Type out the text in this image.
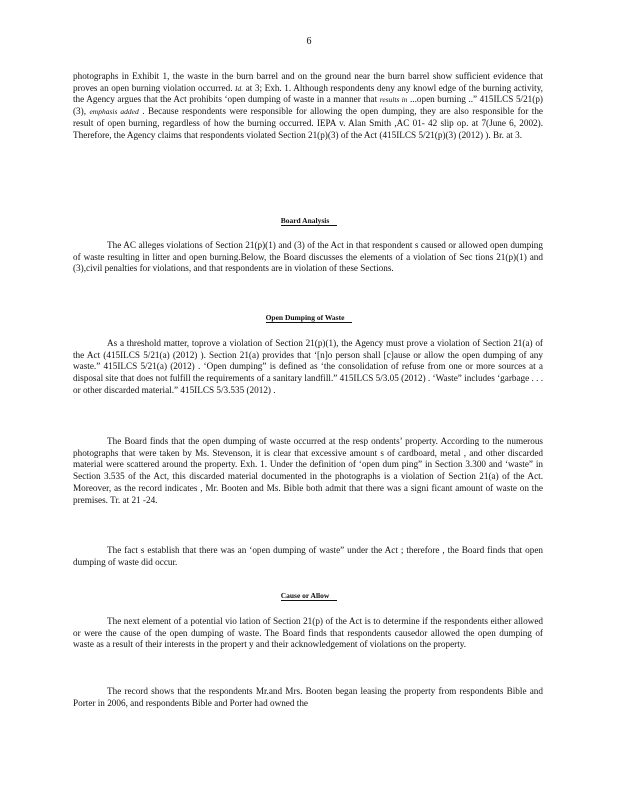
6

photographs in Exhibit 1, the waste in the burn barrel and on the ground near the burn barrel show sufficient evidence that proves an open burning violation occurred. Id. at 3; Exh. 1. Although respondents deny any knowl edge of the burning activity, the Agency argues that the Act prohibits ‘open dumping of waste in a manner that results in ...open burning ..” 415ILCS 5/21(p)(3), emphasis added . Because respondents were responsible for allowing the open dumping, they are also responsible for the result of open burning, regardless of how the burning occurred. IEPA v. Alan Smith ,AC 01- 42 slip op. at 7(June 6, 2002). Therefore, the Agency claims that respondents violated Section 21(p)(3) of the Act (415ILCS 5/21(p)(3) (2012) ). Br. at 3.

Board Analysis

The AC alleges violations of Section 21(p)(1) and (3) of the Act in that respondent s caused or allowed open dumping of waste resulting in litter and open burning.Below, the Board discusses the elements of a violation of Sec tions 21(p)(1) and (3),civil penalties for violations, and that respondents are in violation of these Sections.

Open Dumping of Waste

As a threshold matter, toprove a violation of Section 21(p)(1), the Agency must prove a violation of Section 21(a) of the Act (415ILCS 5/21(a) (2012) ). Section 21(a) provides that ‘[n]o person shall [c]ause or allow the open dumping of any waste.” 415ILCS 5/21(a) (2012) . ‘Open dumping” is defined as ‘the consolidation of refuse from one or more sources at a disposal site that does not fulfill the requirements of a sanitary landfill.” 415ILCS 5/3.05 (2012) . ‘Waste” includes ‘garbage . . . or other discarded material.” 415ILCS 5/3.535 (2012) .

The Board finds that the open dumping of waste occurred at the resp ondents’ property. According to the numerous photographs that were taken by Ms. Stevenson, it is clear that excessive amount s of cardboard, metal , and other discarded material were scattered around the property. Exh. 1. Under the definition of ‘open dum ping” in Section 3.300 and ‘waste” in Section 3.535 of the Act, this discarded material documented in the photographs is a violation of Section 21(a) of the Act. Moreover, as the record indicates , Mr. Booten and Ms. Bible both admit that there was a signi ficant amount of waste on the premises. Tr. at 21 -24.

The fact s establish that there was an ‘open dumping of waste” under the Act ; therefore , the Board finds that open dumping of waste did occur.

Cause or Allow

The next element of a potential vio lation of Section 21(p) of the Act is to determine if the respondents either allowed or were the cause of the open dumping of waste. The Board finds that respondents causedor allowed the open dumping of waste as a result of their interests in the propert y and their acknowledgement of violations on the property.

The record shows that the respondents Mr.and Mrs. Booten began leasing the property from respondents Bible and Porter in 2006, and respondents Bible and Porter had owned the
